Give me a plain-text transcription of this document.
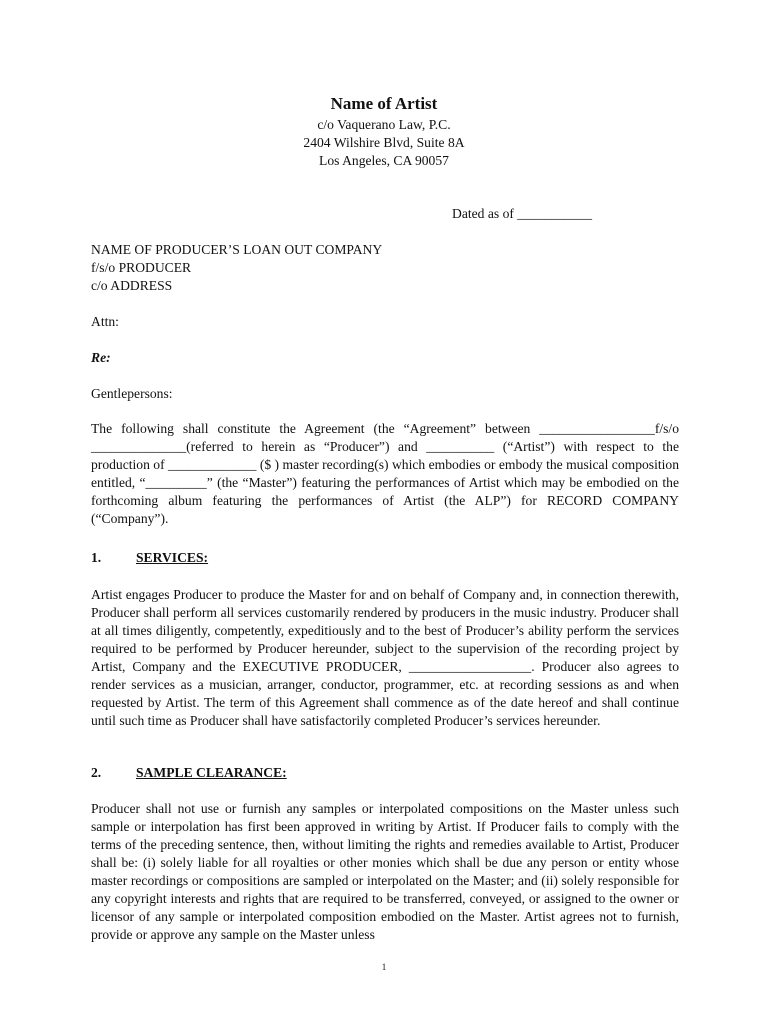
Name of Artist
c/o Vaquerano Law, P.C.
2404 Wilshire Blvd, Suite 8A
Los Angeles, CA 90057
Dated as of ___________
NAME OF PRODUCER’S LOAN OUT COMPANY
f/s/o PRODUCER
c/o ADDRESS
Attn:
Re:
Gentlepersons:
The following shall constitute the Agreement (the “Agreement” between _________________f/s/o ______________(referred to herein as “Producer”) and __________ (“Artist”) with respect to the production of _____________ ($ ) master recording(s) which embodies or embody the musical composition entitled, “_________” (the “Master”) featuring the performances of Artist which may be embodied on the forthcoming album featuring the performances of Artist (the ALP”) for RECORD COMPANY (“Company”).
1.	SERVICES:
Artist engages Producer to produce the Master for and on behalf of Company and, in connection therewith, Producer shall perform all services customarily rendered by producers in the music industry. Producer shall at all times diligently, competently, expeditiously and to the best of Producer’s ability perform the services required to be performed by Producer hereunder, subject to the supervision of the recording project by Artist, Company and the EXECUTIVE PRODUCER, __________________. Producer also agrees to render services as a musician, arranger, conductor, programmer, etc. at recording sessions as and when requested by Artist. The term of this Agreement shall commence as of the date hereof and shall continue until such time as Producer shall have satisfactorily completed Producer’s services hereunder.
2.	SAMPLE CLEARANCE:
Producer shall not use or furnish any samples or interpolated compositions on the Master unless such sample or interpolation has first been approved in writing by Artist. If Producer fails to comply with the terms of the preceding sentence, then, without limiting the rights and remedies available to Artist, Producer shall be: (i) solely liable for all royalties or other monies which shall be due any person or entity whose master recordings or compositions are sampled or interpolated on the Master; and (ii) solely responsible for any copyright interests and rights that are required to be transferred, conveyed, or assigned to the owner or licensor of any sample or interpolated composition embodied on the Master. Artist agrees not to furnish, provide or approve any sample on the Master unless
1
